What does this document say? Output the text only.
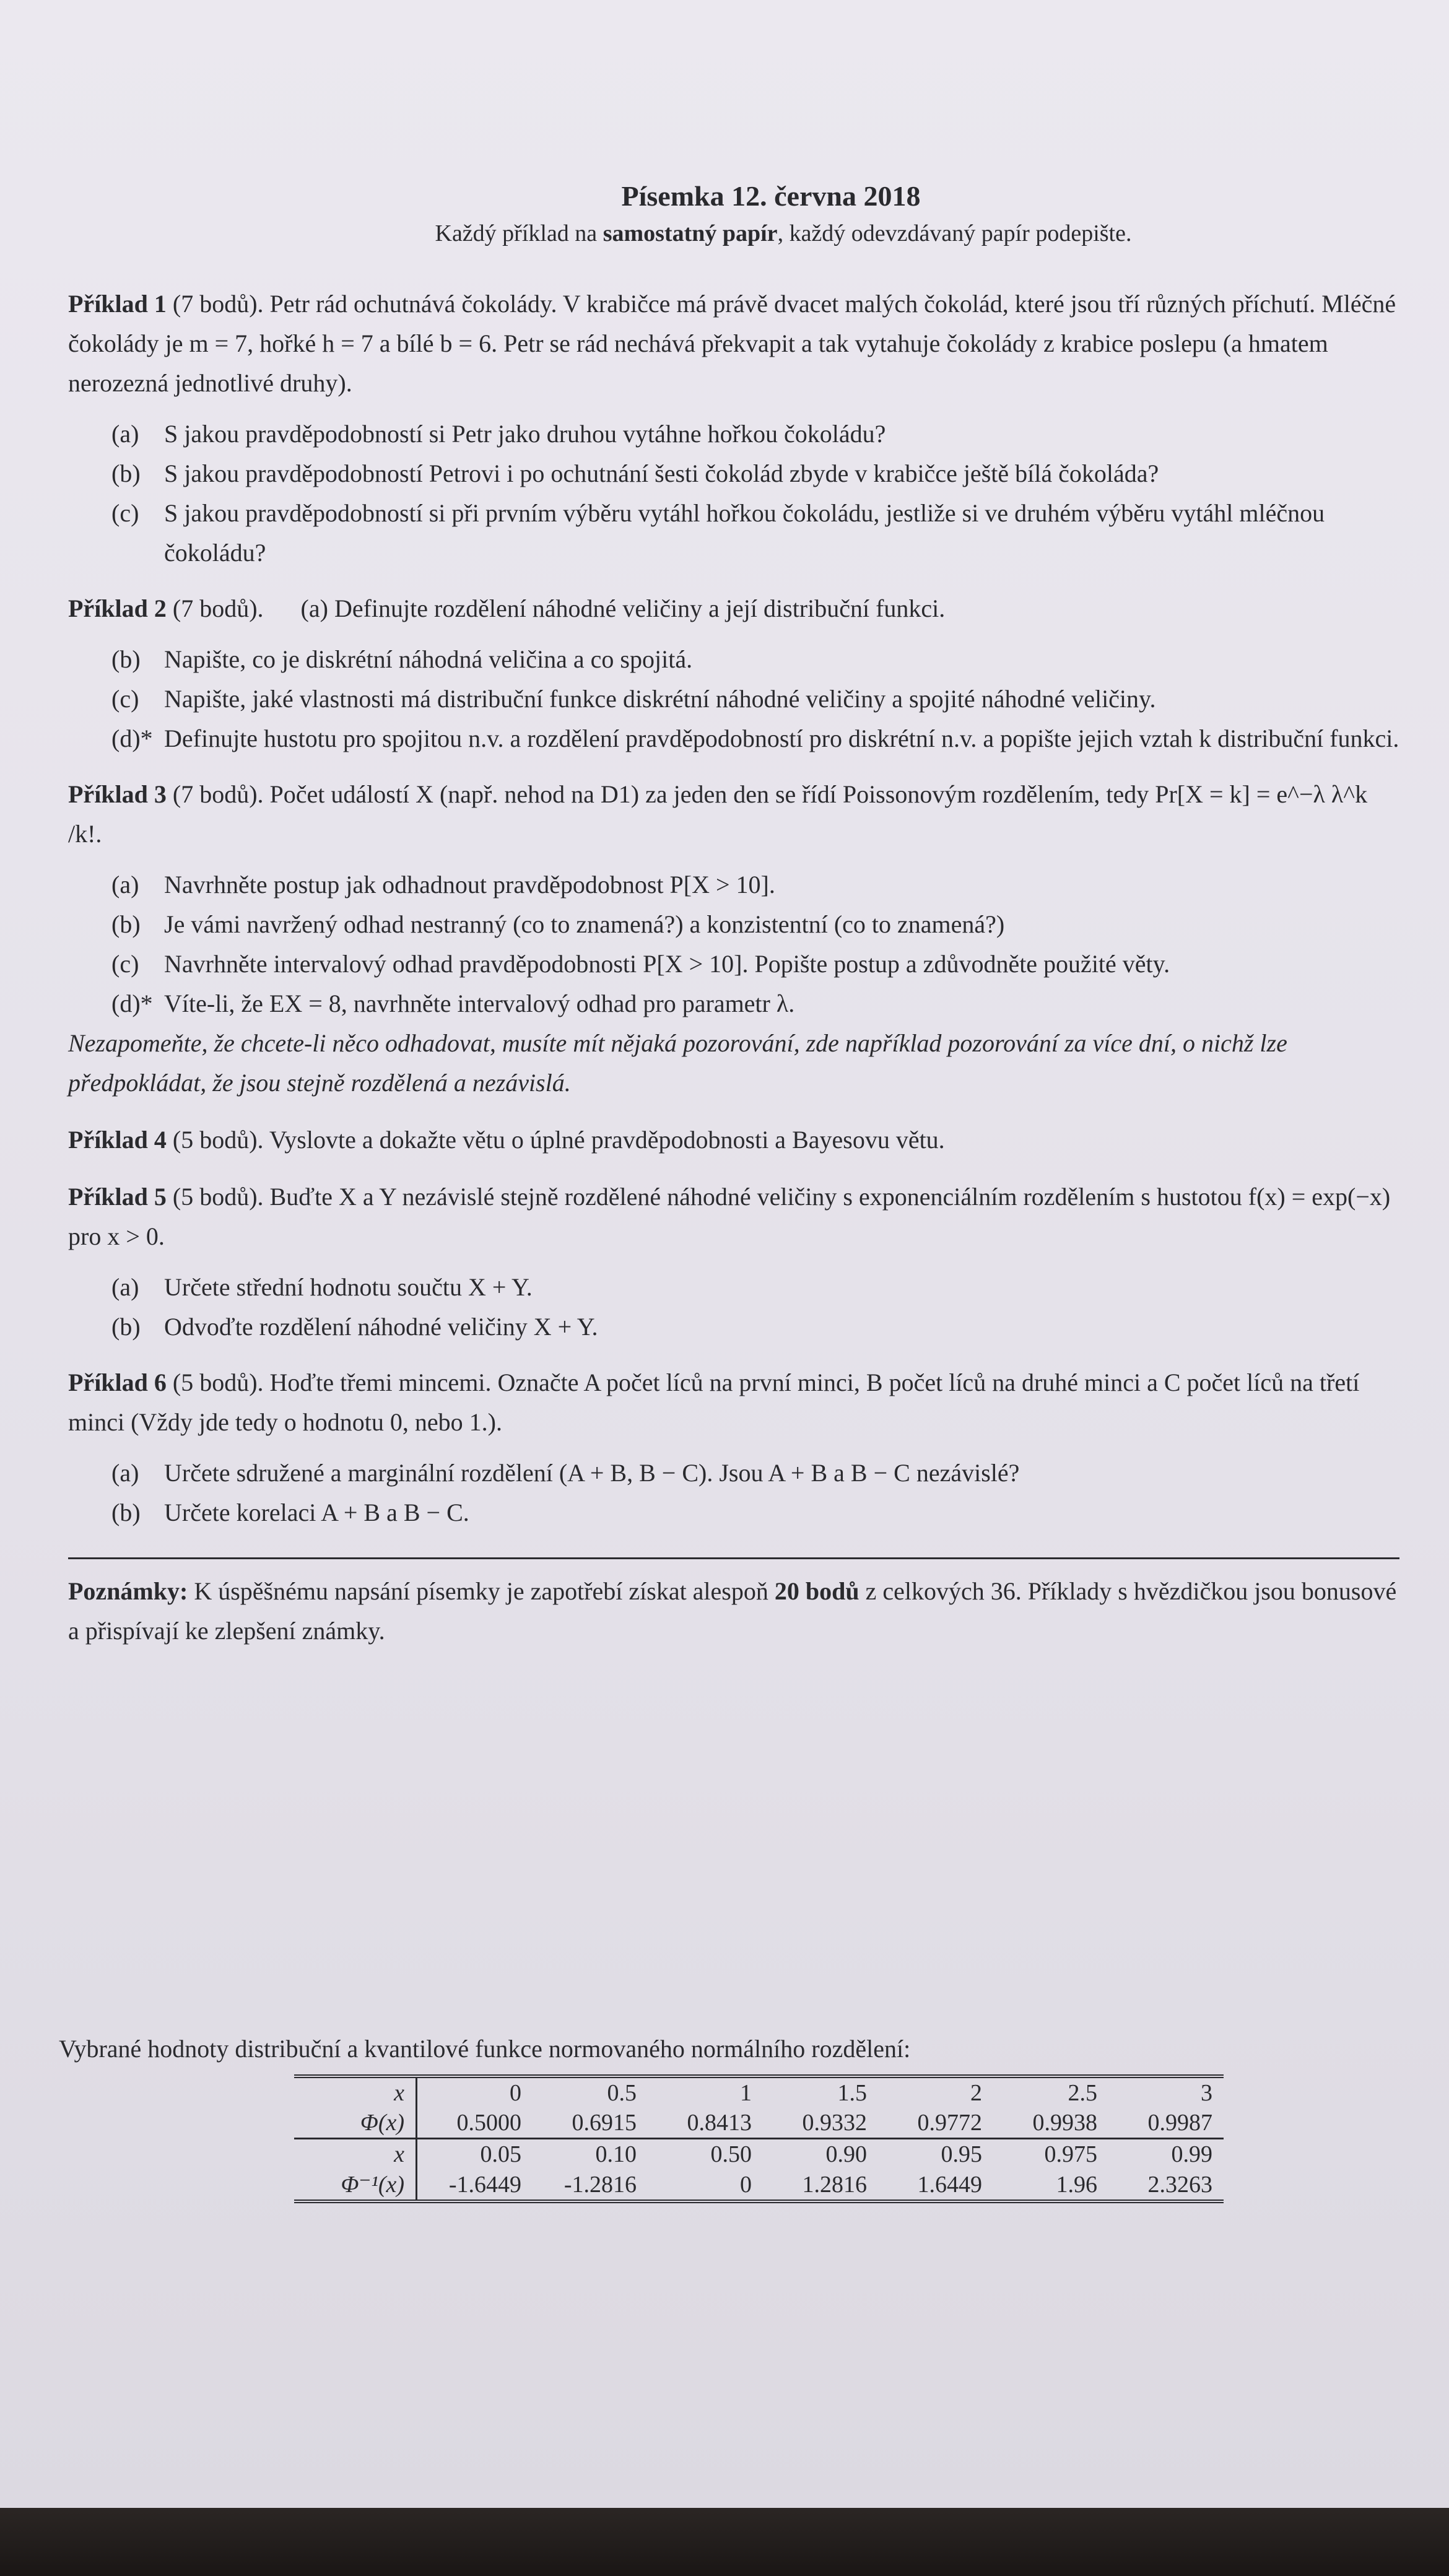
Písemka 12. června 2018
Každý příklad na samostatný papír, každý odevzdávaný papír podepište.
Příklad 1 (7 bodů). Petr rád ochutnává čokolády. V krabičce má právě dvacet malých čokolád, které jsou tří různých příchutí. Mléčné čokolády je m = 7, hořké h = 7 a bílé b = 6. Petr se rád nechává překvapit a tak vytahuje čokolády z krabice poslepu (a hmatem nerozezná jednotlivé druhy).
(a) S jakou pravděpodobností si Petr jako druhou vytáhne hořkou čokoládu?
(b) S jakou pravděpodobností Petrovi i po ochutnání šesti čokolád zbyde v krabičce ještě bílá čokoláda?
(c) S jakou pravděpodobností si při prvním výběru vytáhl hořkou čokoládu, jestliže si ve druhém výběru vytáhl mléčnou čokoládu?
Příklad 2 (7 bodů).      (a) Definujte rozdělení náhodné veličiny a její distribuční funkci.
(b) Napište, co je diskrétní náhodná veličina a co spojitá.
(c) Napište, jaké vlastnosti má distribuční funkce diskrétní náhodné veličiny a spojité náhodné veličiny.
(d)* Definujte hustotu pro spojitou n.v. a rozdělení pravděpodobností pro diskrétní n.v. a popište jejich vztah k distribuční funkci.
Příklad 3 (7 bodů). Počet událostí X (např. nehod na D1) za jeden den se řídí Poissonovým rozdělením, tedy Pr[X = k] = e^−λ λ^k /k!.
(a) Navrhněte postup jak odhadnout pravděpodobnost P[X > 10].
(b) Je vámi navržený odhad nestranný (co to znamená?) a konzistentní (co to znamená?)
(c) Navrhněte intervalový odhad pravděpodobnosti P[X > 10]. Popište postup a zdůvodněte použité věty.
(d)* Víte-li, že EX = 8, navrhněte intervalový odhad pro parametr λ.
Nezapomeňte, že chcete-li něco odhadovat, musíte mít nějaká pozorování, zde například pozorování za více dní, o nichž lze předpokládat, že jsou stejně rozdělená a nezávislá.
Příklad 4 (5 bodů). Vyslovte a dokažte větu o úplné pravděpodobnosti a Bayesovu větu.
Příklad 5 (5 bodů). Buďte X a Y nezávislé stejně rozdělené náhodné veličiny s exponenciálním rozdělením s hustotou f(x) = exp(−x) pro x > 0.
(a) Určete střední hodnotu součtu X + Y.
(b) Odvoďte rozdělení náhodné veličiny X + Y.
Příklad 6 (5 bodů). Hoďte třemi mincemi. Označte A počet líců na první minci, B počet líců na druhé minci a C počet líců na třetí minci (Vždy jde tedy o hodnotu 0, nebo 1.).
(a) Určete sdružené a marginální rozdělení (A + B, B − C). Jsou A + B a B − C nezávislé?
(b) Určete korelaci A + B a B − C.
Poznámky: K úspěšnému napsání písemky je zapotřebí získat alespoň 20 bodů z celkových 36. Příklady s hvězdičkou jsou bonusové a přispívají ke zlepšení známky.
Vybrané hodnoty distribuční a kvantilové funkce normovaného normálního rozdělení:
x	0	0.5	1	1.5	2	2.5	3
Φ(x)	0.5000	0.6915	0.8413	0.9332	0.9772	0.9938	0.9987
x	0.05	0.10	0.50	0.90	0.95	0.975	0.99
Φ⁻¹(x)	-1.6449	-1.2816	0	1.2816	1.6449	1.96	2.3263
